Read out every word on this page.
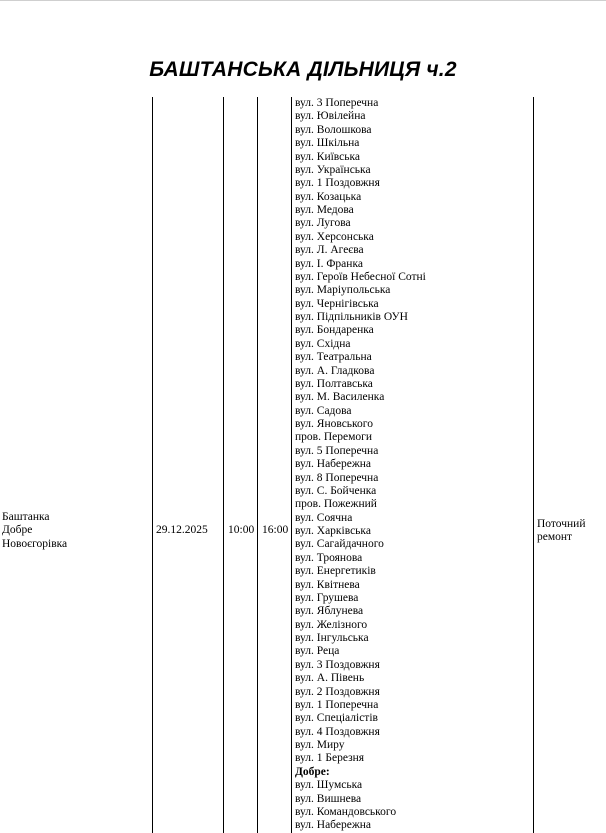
БАШТАНСЬКА ДІЛЬНИЦЯ ч.2
Баштанка
Добре
Новоєгорівка
29.12.2025 10:00 16:00	Поточний ремонт
вул. 3 Поперечна
вул. Ювілейна
вул. Волошкова
вул. Шкільна
вул. Київська
вул. Українська
вул. 1 Поздовжня
вул. Козацька
вул. Медова
вул. Лугова
вул. Херсонська
вул. Л. Агеєва
вул. І. Франка
вул. Героїв Небесної Сотні
вул. Маріупольська
вул. Чернігівська
вул. Підпільників ОУН
вул. Бондаренка
вул. Східна
вул. Театральна
вул. А. Гладкова
вул. Полтавська
вул. М. Василенка
вул. Садова
вул. Яновського
пров. Перемоги
вул. 5 Поперечна
вул. Набережна
вул. 8 Поперечна
вул. С. Бойченка
пров. Пожежний
вул. Соячна
вул. Харківська
вул. Сагайдачного
вул. Троянова
вул. Енергетиків
вул. Квітнева
вул. Грушева
вул. Яблунева
вул. Желізного
вул. Інгульська
вул. Реца
вул. 3 Поздовжня
вул. А. Півень
вул. 2 Поздовжня
вул. 1 Поперечна
вул. Спеціалістів
вул. 4 Поздовжня
вул. Миру
вул. 1 Березня
Добре:
вул. Шумська
вул. Вишнева
вул. Командовського
вул. Набережна
